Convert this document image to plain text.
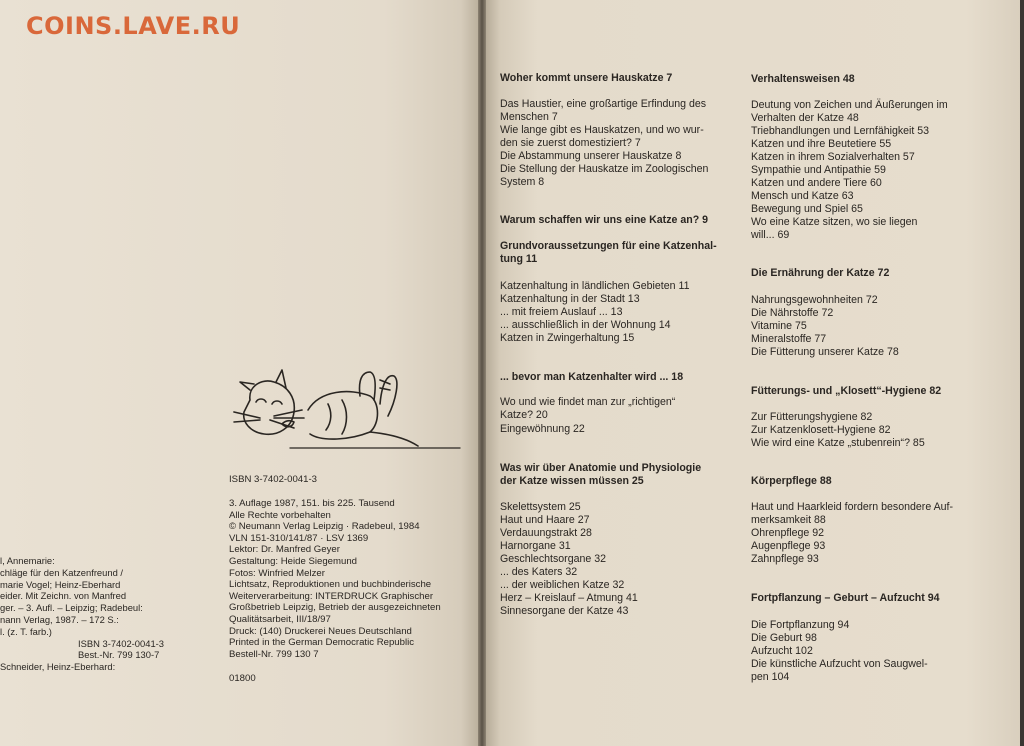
COINS.LAVE.RU
l, Annemarie:
chläge für den Katzenfreund /
marie Vogel; Heinz-Eberhard
eider. Mit Zeichn. von Manfred
ger. – 3. Aufl. – Leipzig; Radebeul:
nann Verlag, 1987. – 172 S.:
l. (z. T. farb.)
ISBN 3-7402-0041-3
Best.-Nr. 799 130-7
Schneider, Heinz-Eberhard:
ISBN 3-7402-0041-3
3. Auflage 1987, 151. bis 225. Tausend
Alle Rechte vorbehalten
© Neumann Verlag Leipzig · Radebeul, 1984
VLN 151-310/141/87 · LSV 1369
Lektor: Dr. Manfred Geyer
Gestaltung: Heide Siegemund
Fotos: Winfried Melzer
Lichtsatz, Reproduktionen und buchbinderische
Weiterverarbeitung: INTERDRUCK Graphischer
Großbetrieb Leipzig, Betrieb der ausgezeichneten
Qualitätsarbeit, III/18/97
Druck: (140) Druckerei Neues Deutschland
Printed in the German Democratic Republic
Bestell-Nr. 799 130 7
01800
Woher kommt unsere Hauskatze 7
Das Haustier, eine großartige Erfindung des
Menschen 7
Wie lange gibt es Hauskatzen, und wo wur-
den sie zuerst domestiziert? 7
Die Abstammung unserer Hauskatze 8
Die Stellung der Hauskatze im Zoologischen
System 8
Warum schaffen wir uns eine Katze an? 9
Grundvoraussetzungen für eine Katzenhal-
tung 11
Katzenhaltung in ländlichen Gebieten 11
Katzenhaltung in der Stadt 13
... mit freiem Auslauf ... 13
... ausschließlich in der Wohnung 14
Katzen in Zwingerhaltung 15
... bevor man Katzenhalter wird ... 18
Wo und wie findet man zur „richtigen“
Katze? 20
Eingewöhnung 22
Was wir über Anatomie und Physiologie
der Katze wissen müssen 25
Skelettsystem 25
Haut und Haare 27
Verdauungstrakt 28
Harnorgane 31
Geschlechtsorgane 32
... des Katers 32
... der weiblichen Katze 32
Herz – Kreislauf – Atmung 41
Sinnesorgane der Katze 43
Verhaltensweisen 48
Deutung von Zeichen und Äußerungen im
Verhalten der Katze 48
Triebhandlungen und Lernfähigkeit 53
Katzen und ihre Beutetiere 55
Katzen in ihrem Sozialverhalten 57
Sympathie und Antipathie 59
Katzen und andere Tiere 60
Mensch und Katze 63
Bewegung und Spiel 65
Wo eine Katze sitzen, wo sie liegen
will... 69
Die Ernährung der Katze 72
Nahrungsgewohnheiten 72
Die Nährstoffe 72
Vitamine 75
Mineralstoffe 77
Die Fütterung unserer Katze 78
Fütterungs- und „Klosett“-Hygiene 82
Zur Fütterungshygiene 82
Zur Katzenklosett-Hygiene 82
Wie wird eine Katze „stubenrein“? 85
Körperpflege 88
Haut und Haarkleid fordern besondere Auf-
merksamkeit 88
Ohrenpflege 92
Augenpflege 93
Zahnpflege 93
Fortpflanzung – Geburt – Aufzucht 94
Die Fortpflanzung 94
Die Geburt 98
Aufzucht 102
Die künstliche Aufzucht von Saugwel-
pen 104
